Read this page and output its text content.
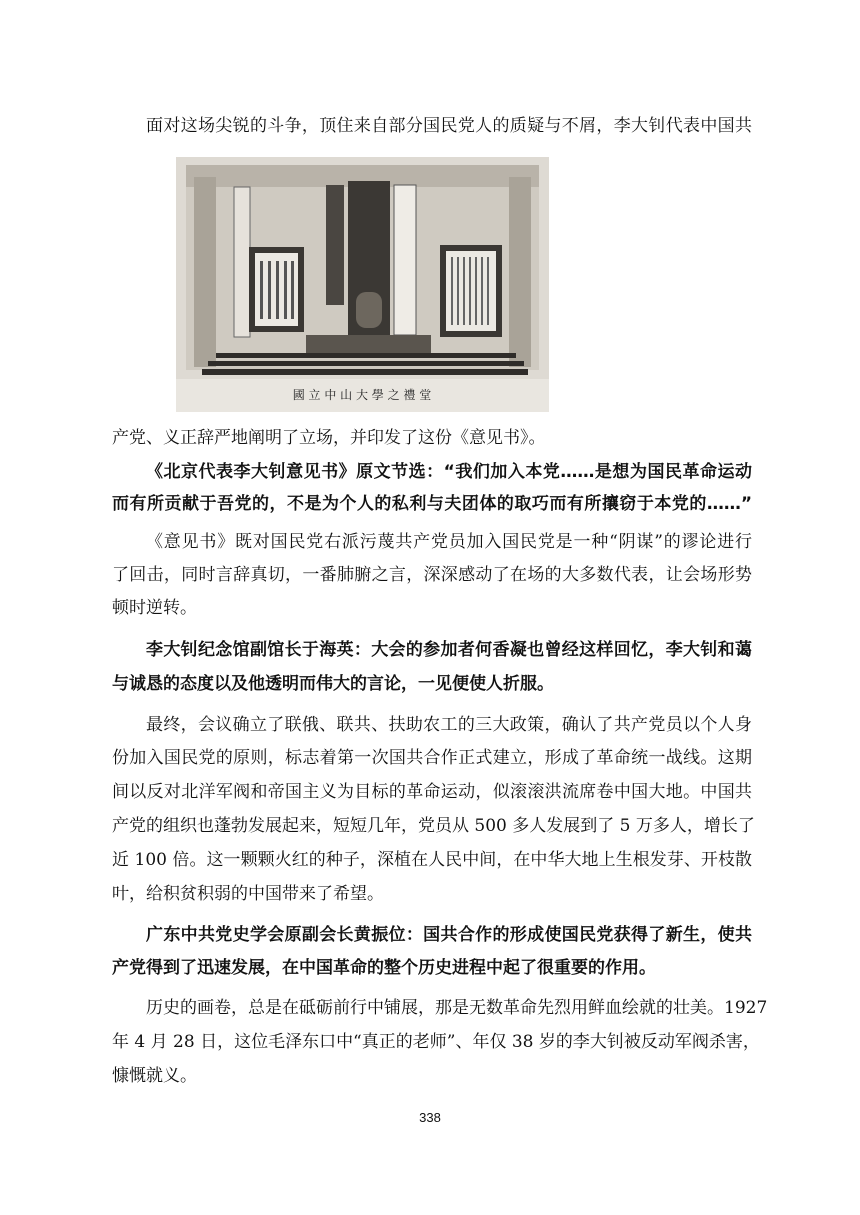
面对这场尖锐的斗争，顶住来自部分国民党人的质疑与不屑，李大钊代表中国共
國 立 中 山 大 學 之 禮 堂
产党、义正辞严地阐明了立场，并印发了这份《意见书》。
《北京代表李大钊意见书》原文节选：“我们加入本党……是想为国民革命运动
而有所贡献于吾党的，不是为个人的私利与夫团体的取巧而有所攘窃于本党的……”
《意见书》既对国民党右派污蔑共产党员加入国民党是一种“阴谋”的谬论进行
了回击，同时言辞真切，一番肺腑之言，深深感动了在场的大多数代表，让会场形势
顿时逆转。
李大钊纪念馆副馆长于海英：大会的参加者何香凝也曾经这样回忆，李大钊和蔼
与诚恳的态度以及他透明而伟大的言论，一见便使人折服。
最终，会议确立了联俄、联共、扶助农工的三大政策，确认了共产党员以个人身
份加入国民党的原则，标志着第一次国共合作正式建立，形成了革命统一战线。这期
间以反对北洋军阀和帝国主义为目标的革命运动，似滚滚洪流席卷中国大地。中国共
产党的组织也蓬勃发展起来，短短几年，党员从 500 多人发展到了 5 万多人，增长了
近 100 倍。这一颗颗火红的种子，深植在人民中间，在中华大地上生根发芽、开枝散
叶，给积贫积弱的中国带来了希望。
广东中共党史学会原副会长黄振位：国共合作的形成使国民党获得了新生，使共
产党得到了迅速发展，在中国革命的整个历史进程中起了很重要的作用。
历史的画卷，总是在砥砺前行中铺展，那是无数革命先烈用鲜血绘就的壮美。1927
年 4 月 28 日，这位毛泽东口中“真正的老师”、年仅 38 岁的李大钊被反动军阀杀害，
慷慨就义。
338
